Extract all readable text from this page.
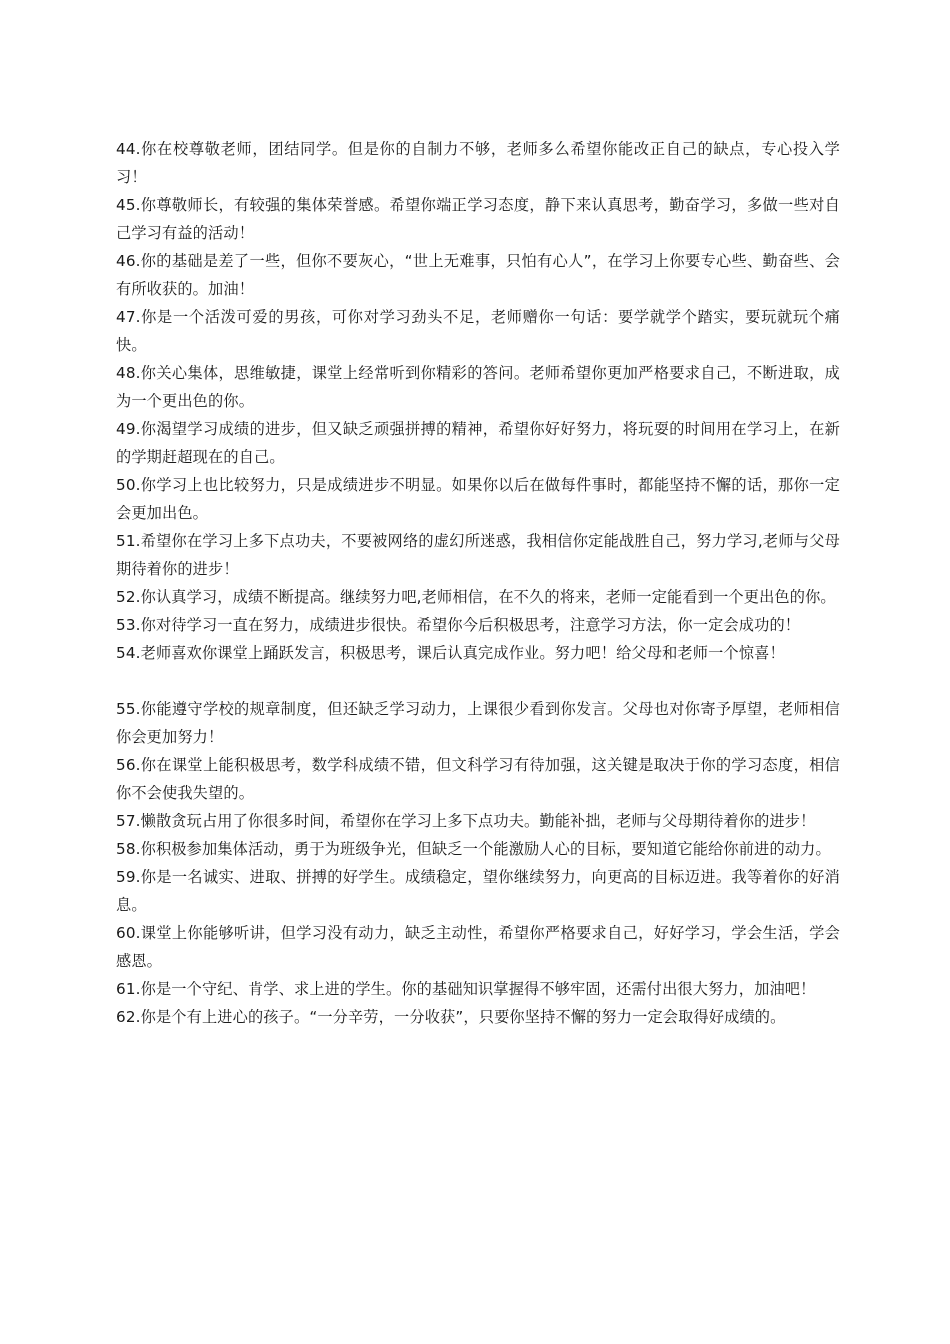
44.你在校尊敬老师，团结同学。但是你的自制力不够，老师多么希望你能改正自己的缺点，专心投入学习！

45.你尊敬师长，有较强的集体荣誉感。希望你端正学习态度，静下来认真思考，勤奋学习，多做一些对自己学习有益的活动！

46.你的基础是差了一些，但你不要灰心，“世上无难事，只怕有心人”，在学习上你要专心些、勤奋些、会有所收获的。加油！

47.你是一个活泼可爱的男孩，可你对学习劲头不足，老师赠你一句话：要学就学个踏实，要玩就玩个痛快。

48.你关心集体，思维敏捷，课堂上经常听到你精彩的答问。老师希望你更加严格要求自己，不断进取，成为一个更出色的你。

49.你渴望学习成绩的进步，但又缺乏顽强拼搏的精神，希望你好好努力，将玩耍的时间用在学习上，在新的学期赶超现在的自己。

50.你学习上也比较努力，只是成绩进步不明显。如果你以后在做每件事时，都能坚持不懈的话，那你一定会更加出色。

51.希望你在学习上多下点功夫，不要被网络的虚幻所迷惑，我相信你定能战胜自己，努力学习,老师与父母期待着你的进步！

52.你认真学习，成绩不断提高。继续努力吧,老师相信，在不久的将来，老师一定能看到一个更出色的你。

53.你对待学习一直在努力，成绩进步很快。希望你今后积极思考，注意学习方法，你一定会成功的！

54.老师喜欢你课堂上踊跃发言，积极思考，课后认真完成作业。努力吧！给父母和老师一个惊喜！

55.你能遵守学校的规章制度，但还缺乏学习动力，上课很少看到你发言。父母也对你寄予厚望，老师相信你会更加努力！

56.你在课堂上能积极思考，数学科成绩不错，但文科学习有待加强，这关键是取决于你的学习态度，相信你不会使我失望的。

57.懒散贪玩占用了你很多时间，希望你在学习上多下点功夫。勤能补拙，老师与父母期待着你的进步！

58.你积极参加集体活动，勇于为班级争光，但缺乏一个能激励人心的目标，要知道它能给你前进的动力。

59.你是一名诚实、进取、拼搏的好学生。成绩稳定，望你继续努力，向更高的目标迈进。我等着你的好消息。

60.课堂上你能够听讲，但学习没有动力，缺乏主动性，希望你严格要求自己，好好学习，学会生活，学会感恩。

61.你是一个守纪、肯学、求上进的学生。你的基础知识掌握得不够牢固，还需付出很大努力，加油吧！

62.你是个有上进心的孩子。“一分辛劳，一分收获”，只要你坚持不懈的努力一定会取得好成绩的。
